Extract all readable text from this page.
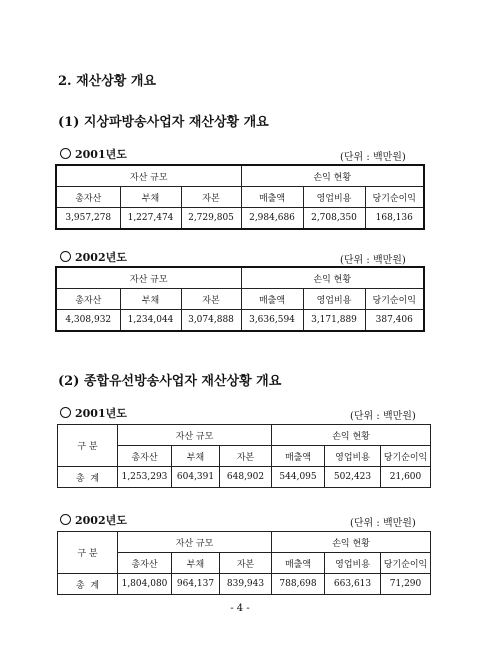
2. 재산상황 개요
(1) 지상파방송사업자 재산상황 개요
2001년도	(단위 : 백만원)
자산 규모			손익 현황		
총자산	부채	자본	매출액	영업비용	당기순이익
3,957,278	1,227,474	2,729,805	2,984,686	2,708,350	168,136
2002년도	(단위 : 백만원)
자산 규모			손익 현황		
총자산	부채	자본	매출액	영업비용	당기순이익
4,308,932	1,234,044	3,074,888	3,636,594	3,171,889	387,406
(2) 종합유선방송사업자 재산상황 개요
2001년도	(단위 : 백만원)
구 분	자산 규모			손익 현황		
	총자산	부채	자본	매출액	영업비용	당기순이익
총  계	1,253,293	604,391	648,902	544,095	502,423	21,600
2002년도	(단위 : 백만원)
구 분	자산 규모			손익 현황		
	총자산	부채	자본	매출액	영업비용	당기순이익
총  계	1,804,080	964,137	839,943	788,698	663,613	71,290
- 4 -
